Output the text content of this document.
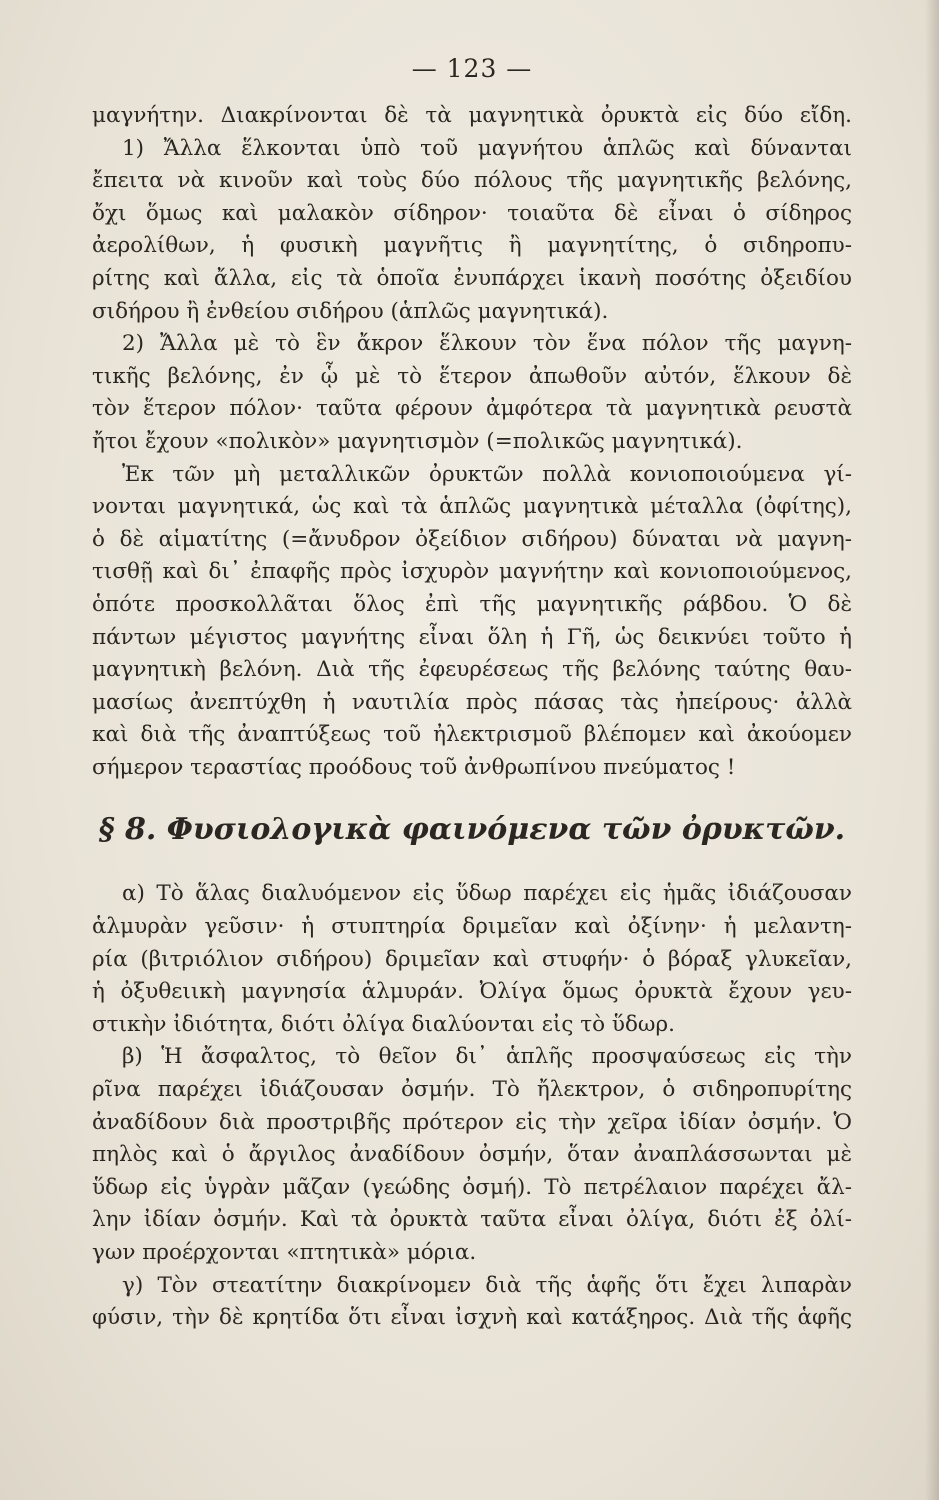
— 123 —
μαγνήτην. Διακρίνονται δὲ τὰ μαγνητικὰ ὀρυκτὰ εἰς δύο εἴδη.
1) Ἄλλα ἕλκονται ὑπὸ τοῦ μαγνήτου ἁπλῶς καὶ δύνανται
ἔπειτα νὰ κινοῦν καὶ τοὺς δύο πόλους τῆς μαγνητικῆς βελόνης,
ὄχι ὅμως καὶ μαλακὸν σίδηρον· τοιαῦτα δὲ εἶναι ὁ σίδηρος
ἀερολίθων, ἡ φυσικὴ μαγνῆτις ἢ μαγνητίτης, ὁ σιδηροπυ-
ρίτης καὶ ἄλλα, εἰς τὰ ὁποῖα ἐνυπάρχει ἱκανὴ ποσότης ὀξειδίου
σιδήρου ἢ ἐνθείου σιδήρου (ἁπλῶς μαγνητικά).
2) Ἄλλα μὲ τὸ ἓν ἄκρον ἕλκουν τὸν ἕνα πόλον τῆς μαγνη-
τικῆς βελόνης, ἐν ᾧ μὲ τὸ ἕτερον ἀπωθοῦν αὐτόν, ἕλκουν δὲ
τὸν ἕτερον πόλον· ταῦτα φέρουν ἀμφότερα τὰ μαγνητικὰ ρευστὰ
ἤτοι ἔχουν «πολικὸν» μαγνητισμὸν (=πολικῶς μαγνητικά).
Ἐκ τῶν μὴ μεταλλικῶν ὀρυκτῶν πολλὰ κονιοποιούμενα γί-
νονται μαγνητικά, ὡς καὶ τὰ ἁπλῶς μαγνητικὰ μέταλλα (ὀφίτης),
ὁ δὲ αἱματίτης (=ἄνυδρον ὀξείδιον σιδήρου) δύναται νὰ μαγνη-
τισθῇ καὶ δι᾽ ἐπαφῆς πρὸς ἰσχυρὸν μαγνήτην καὶ κονιοποιούμενος,
ὁπότε προσκολλᾶται ὅλος ἐπὶ τῆς μαγνητικῆς ράβδου. Ὁ δὲ
πάντων μέγιστος μαγνήτης εἶναι ὅλη ἡ Γῆ, ὡς δεικνύει τοῦτο ἡ
μαγνητικὴ βελόνη. Διὰ τῆς ἐφευρέσεως τῆς βελόνης ταύτης θαυ-
μασίως ἀνεπτύχθη ἡ ναυτιλία πρὸς πάσας τὰς ἠπείρους· ἀλλὰ
καὶ διὰ τῆς ἀναπτύξεως τοῦ ἠλεκτρισμοῦ βλέπομεν καὶ ἀκούομεν
σήμερον τεραστίας προόδους τοῦ ἀνθρωπίνου πνεύματος !
§ 8. Φυσιολογικὰ φαινόμενα τῶν ὀρυκτῶν.
α) Τὸ ἅλας διαλυόμενον εἰς ὕδωρ παρέχει εἰς ἡμᾶς ἰδιάζουσαν
ἁλμυρὰν γεῦσιν· ἡ στυπτηρία δριμεῖαν καὶ ὀξίνην· ἡ μελαντη-
ρία (βιτριόλιον σιδήρου) δριμεῖαν καὶ στυφήν· ὁ βόραξ γλυκεῖαν,
ἡ ὀξυθειικὴ μαγνησία ἁλμυράν. Ὀλίγα ὅμως ὀρυκτὰ ἔχουν γευ-
στικὴν ἰδιότητα, διότι ὀλίγα διαλύονται εἰς τὸ ὕδωρ.
β) Ἡ ἄσφαλτος, τὸ θεῖον δι᾽ ἁπλῆς προσψαύσεως εἰς τὴν
ρῖνα παρέχει ἰδιάζουσαν ὀσμήν. Τὸ ἤλεκτρον, ὁ σιδηροπυρίτης
ἀναδίδουν διὰ προστριβῆς πρότερον εἰς τὴν χεῖρα ἰδίαν ὀσμήν. Ὁ
πηλὸς καὶ ὁ ἄργιλος ἀναδίδουν ὀσμήν, ὅταν ἀναπλάσσωνται μὲ
ὕδωρ εἰς ὑγρὰν μᾶζαν (γεώδης ὀσμή). Τὸ πετρέλαιον παρέχει ἄλ-
λην ἰδίαν ὀσμήν. Καὶ τὰ ὀρυκτὰ ταῦτα εἶναι ὀλίγα, διότι ἐξ ὀλί-
γων προέρχονται «πτητικὰ» μόρια.
γ) Τὸν στεατίτην διακρίνομεν διὰ τῆς ἁφῆς ὅτι ἔχει λιπαρὰν
φύσιν, τὴν δὲ κρητίδα ὅτι εἶναι ἰσχνὴ καὶ κατάξηρος. Διὰ τῆς ἁφῆς
